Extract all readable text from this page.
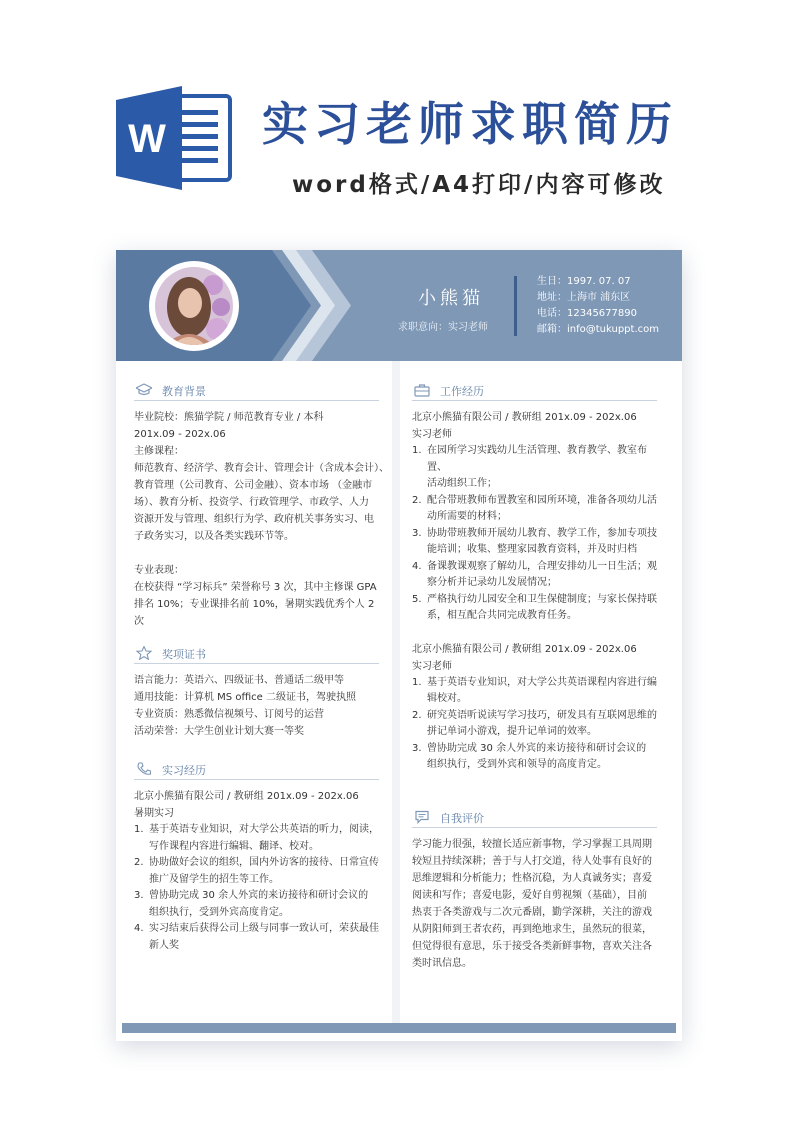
W 实习老师求职简历
word格式/A4打印/内容可修改
小熊猫
求职意向：实习老师
生日：1997. 07. 07
地址：上海市 浦东区
电话：12345677890
邮箱：info@tukuppt.com
教育背景

毕业院校：熊猫学院 / 师范教育专业 / 本科

201x.09 - 202x.06

主修课程：

师范教育、经济学、教育会计、管理会计（含成本会计）、

教育管理（公司教育、公司金融）、资本市场 （金融市

场）、教育分析、投资学、行政管理学、市政学、人力

资源开发与管理、组织行为学、政府机关事务实习、电

子政务实习，以及各类实践环节等。

专业表现：

在校获得 “学习标兵” 荣誉称号 3 次，其中主修课 GPA

排名 10%；专业课排名前 10%，暑期实践优秀个人 2

次

奖项证书

语言能力：英语六、四级证书、普通话二级甲等

通用技能：计算机 MS office 二级证书，驾驶执照

专业资质：熟悉微信视频号、订阅号的运营

活动荣誉：大学生创业计划大赛一等奖

实习经历

北京小熊猫有限公司 / 教研组 201x.09 - 202x.06

暑期实习

1. 基于英语专业知识，对大学公共英语的听力，阅读，
写作课程内容进行编辑、翻译、校对。
2. 协助做好会议的组织，国内外访客的接待、日常宣传
推广及留学生的招生等工作。
3. 曾协助完成 30 余人外宾的来访接待和研讨会议的
组织执行，受到外宾高度肯定。
4. 实习结束后获得公司上级与同事一致认可，荣获最佳
新人奖
工作经历

北京小熊猫有限公司 / 教研组 201x.09 - 202x.06

实习老师

1. 在园所学习实践幼儿生活管理、教育教学、教室布置、
活动组织工作；
2. 配合带班教师布置教室和园所环境，准备各项幼儿活
动所需要的材料；
3. 协助带班教师开展幼儿教育、教学工作，参加专项技
能培训；收集、整理家园教育资料，并及时归档
4. 备课教课观察了解幼儿，合理安排幼儿一日生活；观
察分析并记录幼儿发展情况；
5. 严格执行幼儿园安全和卫生保健制度；与家长保持联
系，相互配合共同完成教育任务。

北京小熊猫有限公司 / 教研组 201x.09 - 202x.06

实习老师

1. 基于英语专业知识，对大学公共英语课程内容进行编
辑校对。
2. 研究英语听说读写学习技巧，研发具有互联网思维的
拼记单词小游戏，提升记单词的效率。
3. 曾协助完成 30 余人外宾的来访接待和研讨会议的
组织执行，受到外宾和领导的高度肯定。
自我评价

学习能力很强，较擅长适应新事物，学习掌握工具周期

较短且持续深耕；善于与人打交道，待人处事有良好的

思维逻辑和分析能力；性格沉稳，为人真诚务实；喜爱

阅读和写作；喜爱电影，爱好自剪视频（基础），目前

热衷于各类游戏与二次元番剧，勤学深耕，关注的游戏

从阴阳师到王者农药，再到绝地求生，虽然玩的很菜，

但觉得很有意思，乐于接受各类新鲜事物，喜欢关注各

类时讯信息。
